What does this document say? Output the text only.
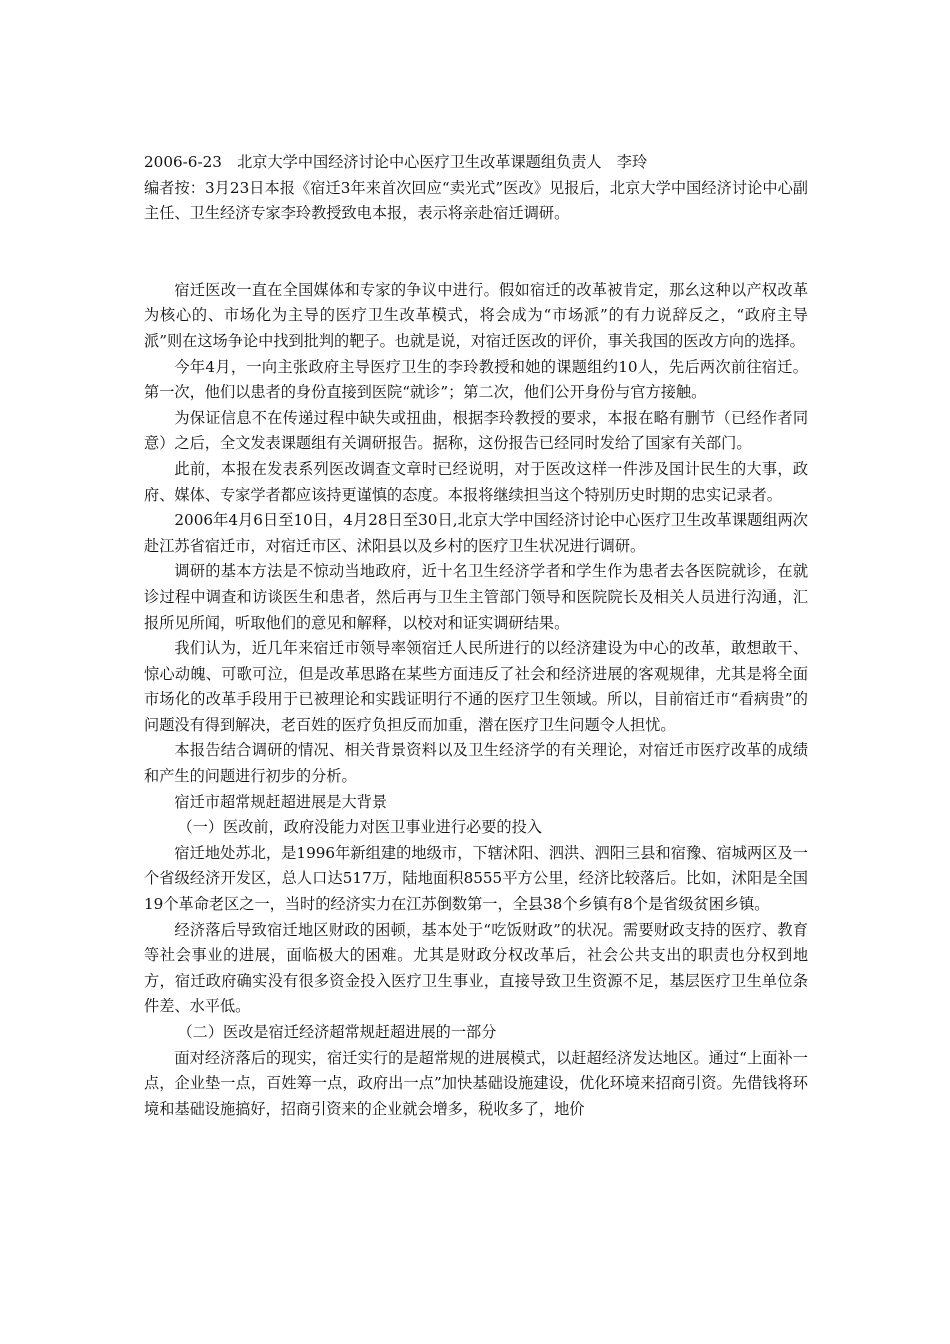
2006-6-23　北京大学中国经济讨论中心医疗卫生改革课题组负责人　李玲

编者按：3月23日本报《宿迁3年来首次回应“卖光式”医改》见报后，北京大学中国经济讨论中心副主任、卫生经济专家李玲教授致电本报，表示将亲赴宿迁调研。

宿迁医改一直在全国媒体和专家的争议中进行。假如宿迁的改革被肯定，那幺这种以产权改革为核心的、市场化为主导的医疗卫生改革模式，将会成为“市场派”的有力说辞反之，“政府主导派”则在这场争论中找到批判的靶子。也就是说，对宿迁医改的评价，事关我国的医改方向的选择。

今年4月，一向主张政府主导医疗卫生的李玲教授和她的课题组约10人，先后两次前往宿迁。第一次，他们以患者的身份直接到医院“就诊”；第二次，他们公开身份与官方接触。

为保证信息不在传递过程中缺失或扭曲，根据李玲教授的要求，本报在略有删节（已经作者同意）之后，全文发表课题组有关调研报告。据称，这份报告已经同时发给了国家有关部门。

此前，本报在发表系列医改调查文章时已经说明，对于医改这样一件涉及国计民生的大事，政府、媒体、专家学者都应该持更谨慎的态度。本报将继续担当这个特别历史时期的忠实记录者。

2006年4月6日至10日，4月28日至30日,北京大学中国经济讨论中心医疗卫生改革课题组两次赴江苏省宿迁市，对宿迁市区、沭阳县以及乡村的医疗卫生状况进行调研。

调研的基本方法是不惊动当地政府，近十名卫生经济学者和学生作为患者去各医院就诊，在就诊过程中调查和访谈医生和患者，然后再与卫生主管部门领导和医院院长及相关人员进行沟通，汇报所见所闻，听取他们的意见和解释，以校对和证实调研结果。

我们认为，近几年来宿迁市领导率领宿迁人民所进行的以经济建设为中心的改革，敢想敢干、惊心动魄、可歌可泣，但是改革思路在某些方面违反了社会和经济进展的客观规律，尤其是将全面市场化的改革手段用于已被理论和实践证明行不通的医疗卫生领域。所以，目前宿迁市“看病贵”的问题没有得到解决，老百姓的医疗负担反而加重，潜在医疗卫生问题令人担忧。

本报告结合调研的情况、相关背景资料以及卫生经济学的有关理论，对宿迁市医疗改革的成绩和产生的问题进行初步的分析。

宿迁市超常规赶超进展是大背景

（一）医改前，政府没能力对医卫事业进行必要的投入

宿迁地处苏北，是1996年新组建的地级市，下辖沭阳、泗洪、泗阳三县和宿豫、宿城两区及一个省级经济开发区，总人口达517万，陆地面积8555平方公里，经济比较落后。比如，沭阳是全国19个革命老区之一，当时的经济实力在江苏倒数第一，全县38个乡镇有8个是省级贫困乡镇。

经济落后导致宿迁地区财政的困顿，基本处于“吃饭财政”的状况。需要财政支持的医疗、教育等社会事业的进展，面临极大的困难。尤其是财政分权改革后，社会公共支出的职责也分权到地方，宿迁政府确实没有很多资金投入医疗卫生事业，直接导致卫生资源不足，基层医疗卫生单位条件差、水平低。

（二）医改是宿迁经济超常规赶超进展的一部分

面对经济落后的现实，宿迁实行的是超常规的进展模式，以赶超经济发达地区。通过“上面补一点，企业垫一点，百姓筹一点，政府出一点”加快基础设施建设，优化环境来招商引资。先借钱将环境和基础设施搞好，招商引资来的企业就会增多，税收多了，地价
